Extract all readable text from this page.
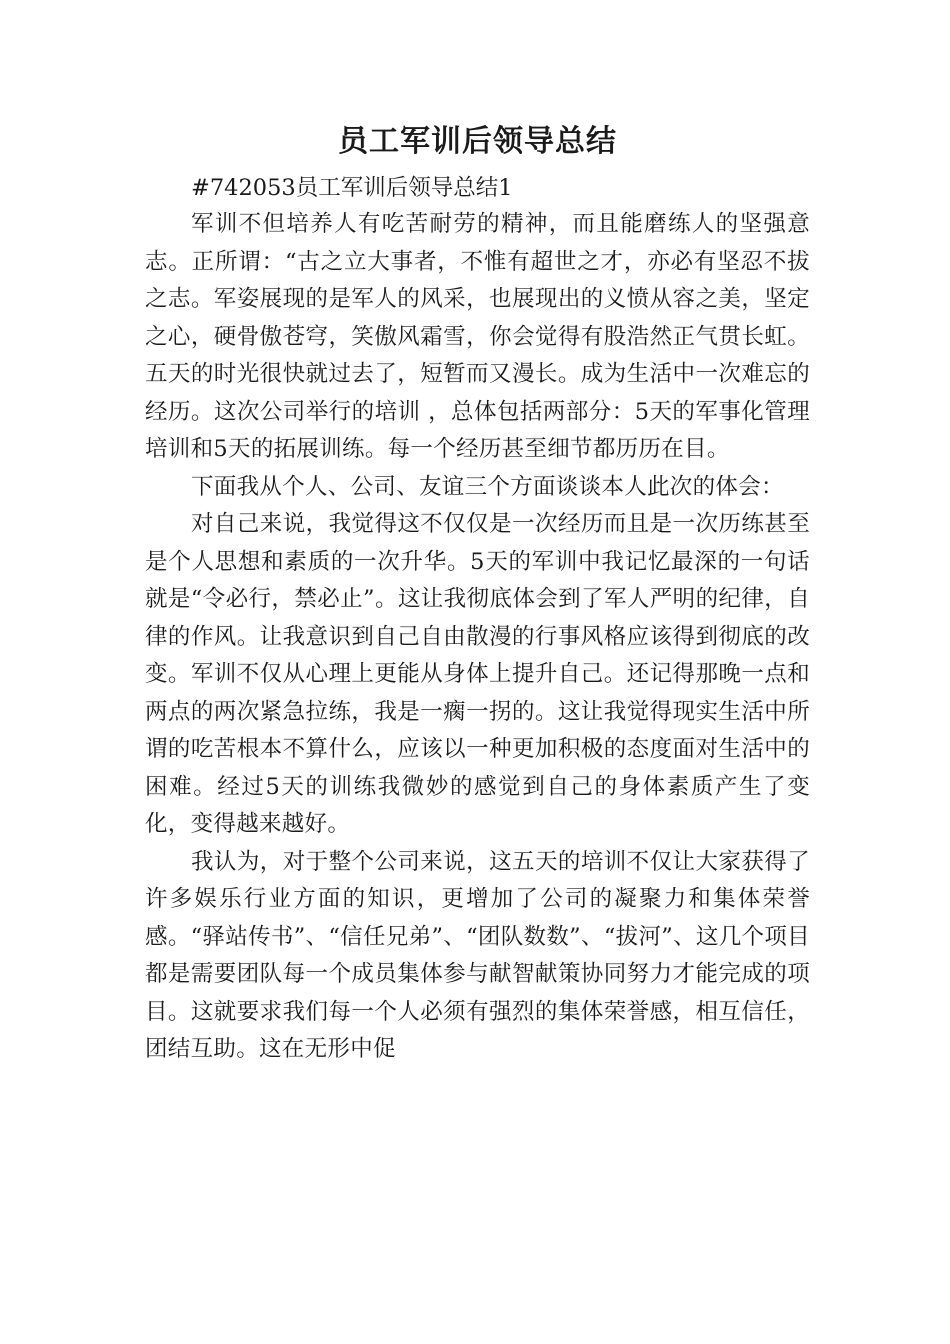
员工军训后领导总结

#742053员工军训后领导总结1

军训不但培养人有吃苦耐劳的精神，而且能磨练人的坚强意志。正所谓：“古之立大事者，不惟有超世之才，亦必有坚忍不拔之志。军姿展现的是军人的风采，也展现出的义愤从容之美，坚定之心，硬骨傲苍穹，笑傲风霜雪，你会觉得有股浩然正气贯长虹。五天的时光很快就过去了，短暂而又漫长。成为生活中一次难忘的经历。这次公司举行的培训 ，总体包括两部分：5天的军事化管理培训和5天的拓展训练。每一个经历甚至细节都历历在目。

下面我从个人、公司、友谊三个方面谈谈本人此次的体会：

对自己来说，我觉得这不仅仅是一次经历而且是一次历练甚至是个人思想和素质的一次升华。5天的军训中我记忆最深的一句话就是“令必行，禁必止”。这让我彻底体会到了军人严明的纪律，自律的作风。让我意识到自己自由散漫的行事风格应该得到彻底的改变。军训不仅从心理上更能从身体上提升自己。还记得那晚一点和两点的两次紧急拉练，我是一瘸一拐的。这让我觉得现实生活中所谓的吃苦根本不算什么，应该以一种更加积极的态度面对生活中的困难。经过5天的训练我微妙的感觉到自己的身体素质产生了变化，变得越来越好。

我认为，对于整个公司来说，这五天的培训不仅让大家获得了许多娱乐行业方面的知识，更增加了公司的凝聚力和集体荣誉感。“驿站传书”、“信任兄弟”、“团队数数”、“拔河”、这几个项目都是需要团队每一个成员集体参与献智献策协同努力才能完成的项目。这就要求我们每一个人必须有强烈的集体荣誉感，相互信任，团结互助。这在无形中促
